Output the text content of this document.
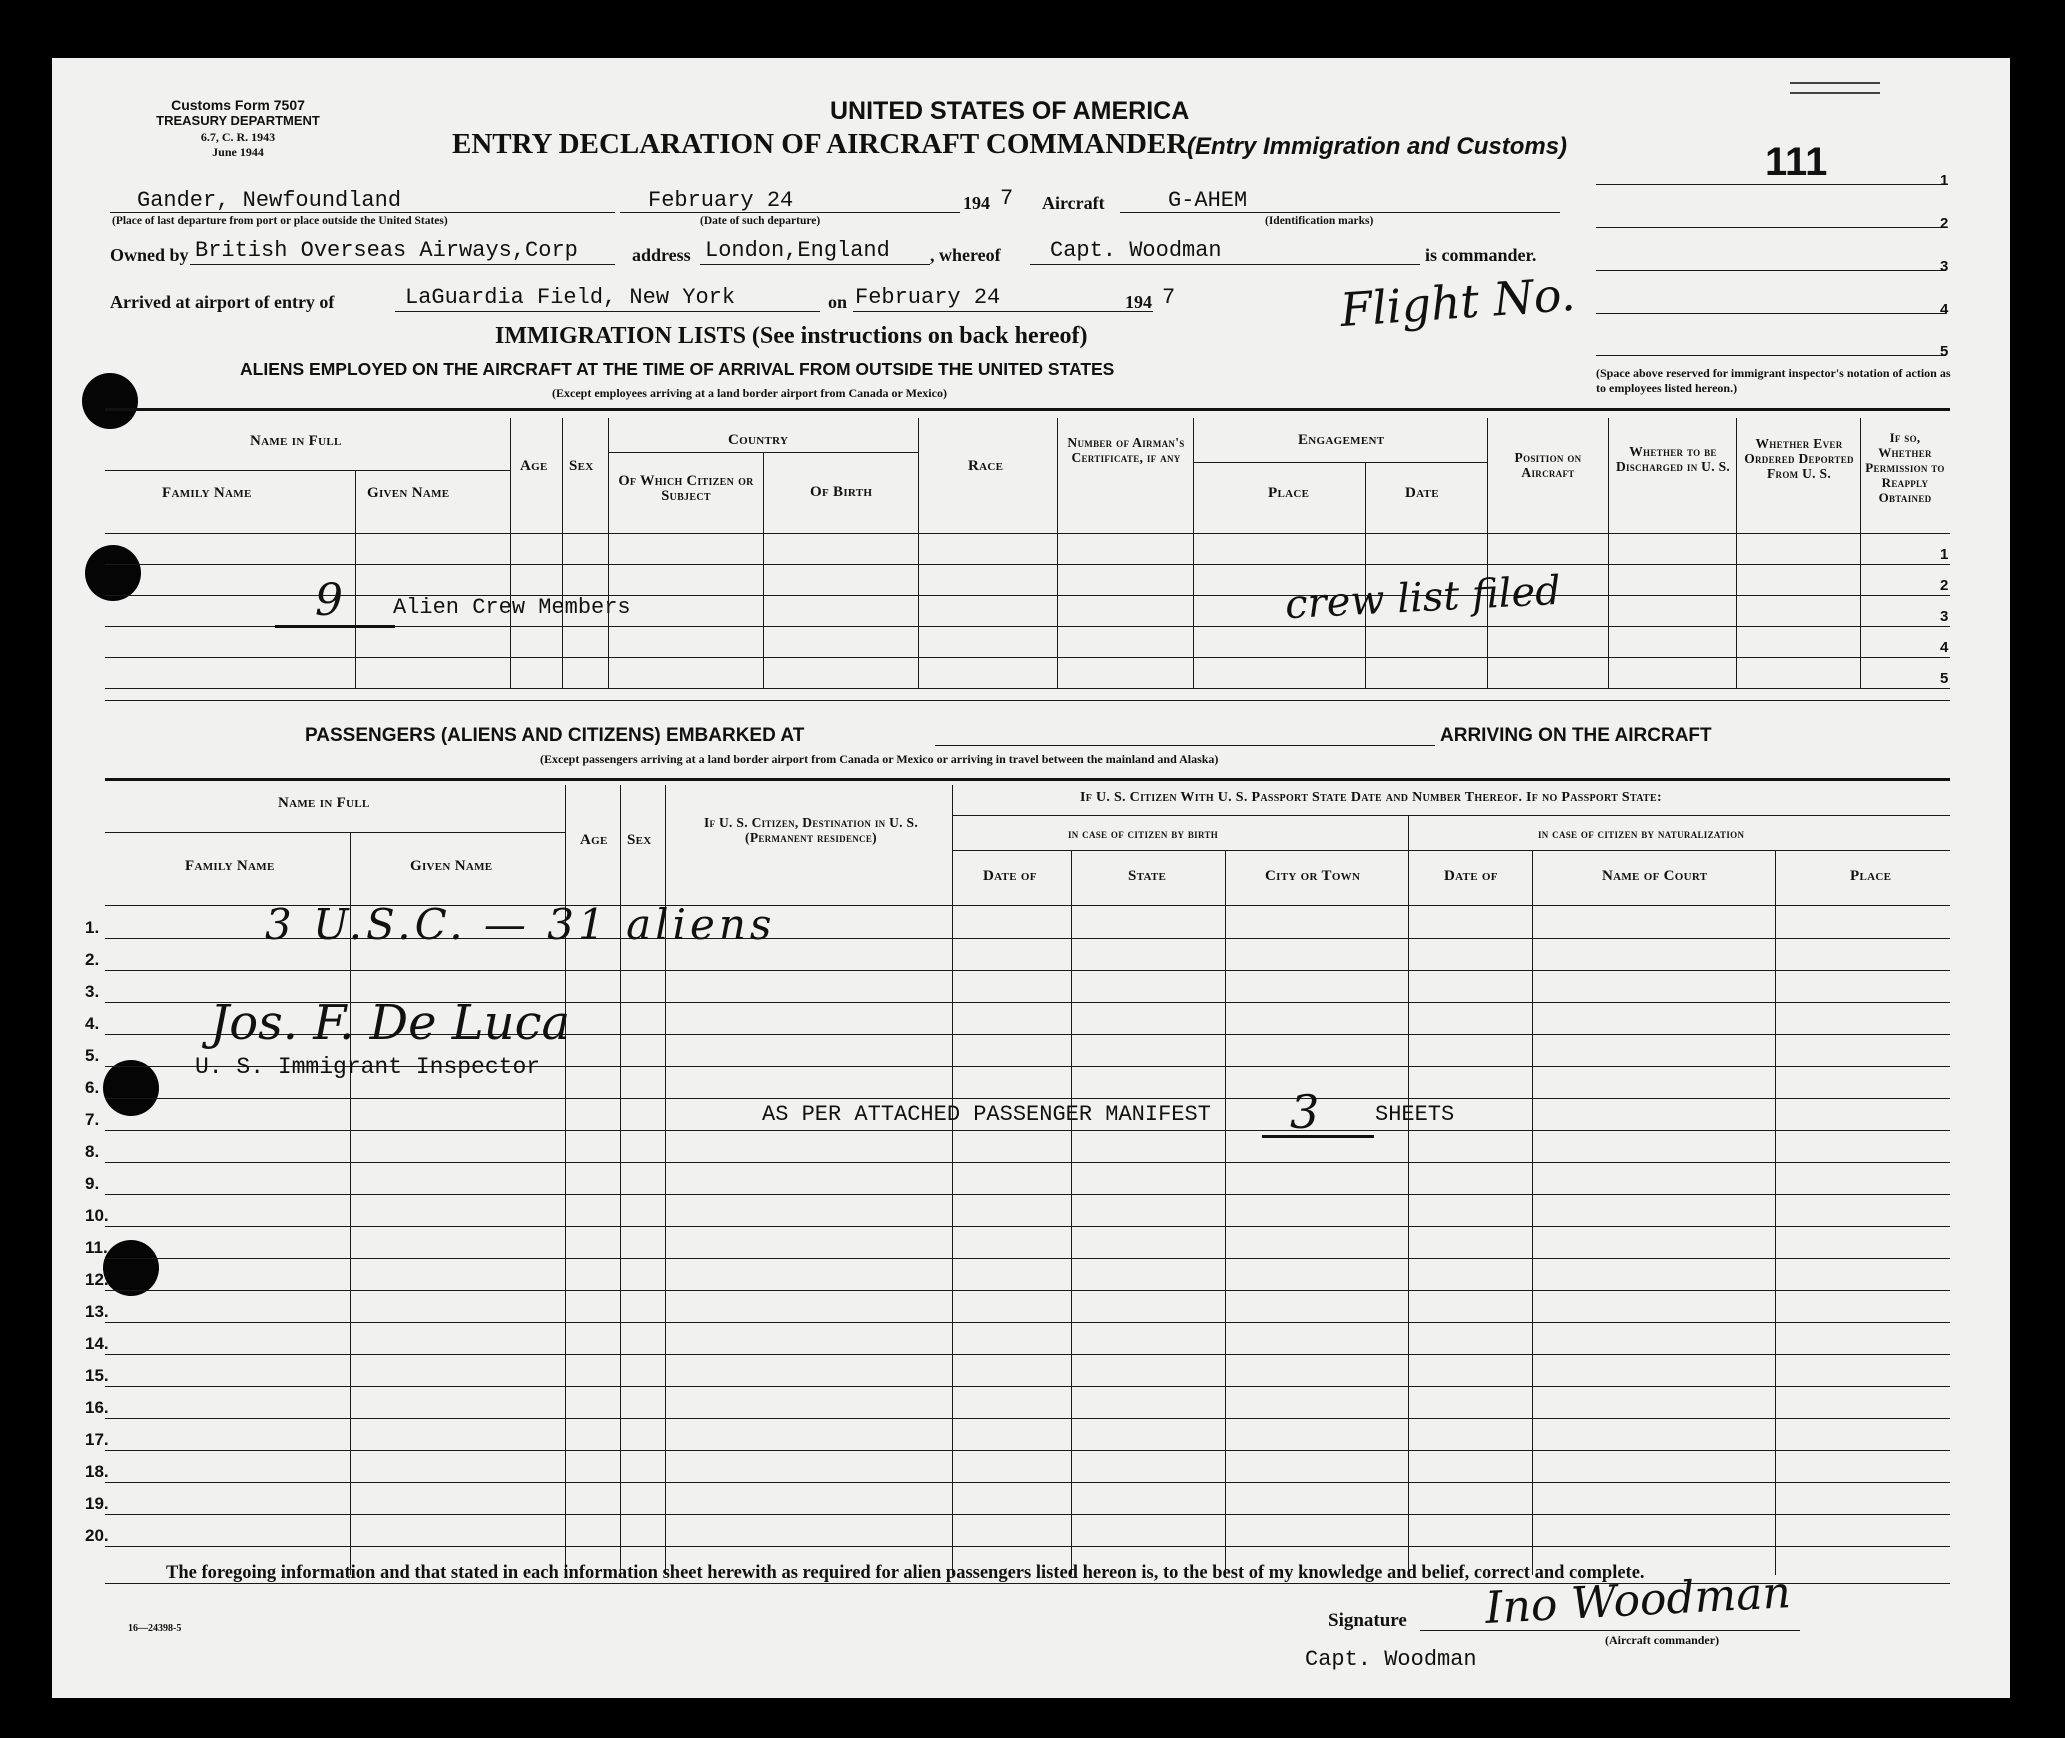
Customs Form 7507
TREASURY DEPARTMENT
6.7, C. R. 1943
June 1944
UNITED STATES OF AMERICA
ENTRY DECLARATION OF AIRCRAFT COMMANDER (Entry Immigration and Customs)	111	1
2
3
4
5
(Space above reserved for immigrant inspector's notation of action as to employees listed hereon.)
Gander, Newfoundland
(Place of last departure from port or place outside the United States)
February 24
(Date of such departure)
194 7 Aircraft	G-AHEM
(Identification marks)
Owned by British Overseas Airways,Corp	address London,England , whereof Capt. Woodman	is commander.
Arrived at airport of entry of	LaGuardia Field, New York	on February 24	194 7	Flight No.
IMMIGRATION LISTS (See instructions on back hereof)
ALIENS EMPLOYED ON THE AIRCRAFT AT THE TIME OF ARRIVAL FROM OUTSIDE THE UNITED STATES
(Except employees arriving at a land border airport from Canada or Mexico)
Name in Full
Family Name	Given Name
Age Sex
Country
Of Which Citizen or Subject	Of Birth
Race
Number of Airman's Certificate, if any
Engagement
Place	Date
Position on Aircraft
Whether to be Discharged in U. S.
Whether Ever Ordered Deported From U. S.
If so, Whether Permission to Reapply Obtained
1
2
3
4
5
9 Alien Crew Members	crew list filed
PASSENGERS (ALIENS AND CITIZENS) EMBARKED AT	ARRIVING ON THE AIRCRAFT
(Except passengers arriving at a land border airport from Canada or Mexico or arriving in travel between the mainland and Alaska)
Name in Full
Family Name	Given Name
Age Sex
If U. S. Citizen, Destination in U. S. (Permanent residence)
If U. S. Citizen With U. S. Passport State Date and Number Thereof. If no Passport State:
in case of citizen by birth	in case of citizen by naturalization
Date of	State	City or Town	Date of	Name of Court	Place
1.
2.
3.
4.
5.
6.
7.
8.
9.
10.
11.
12.
13.
14.
15.
16.
17.
18.
19.
20.
3 U.S.C. — 31 aliens
Jos. F. De Luca
U. S. Immigrant Inspector
AS PER ATTACHED PASSENGER MANIFEST 3	SHEETS
The foregoing information and that stated in each information sheet herewith as required for alien passengers listed hereon is, to the best of my knowledge and belief, correct and complete.
16—24398-5	Signature Ino Woodman
(Aircraft commander)
Capt. Woodman
